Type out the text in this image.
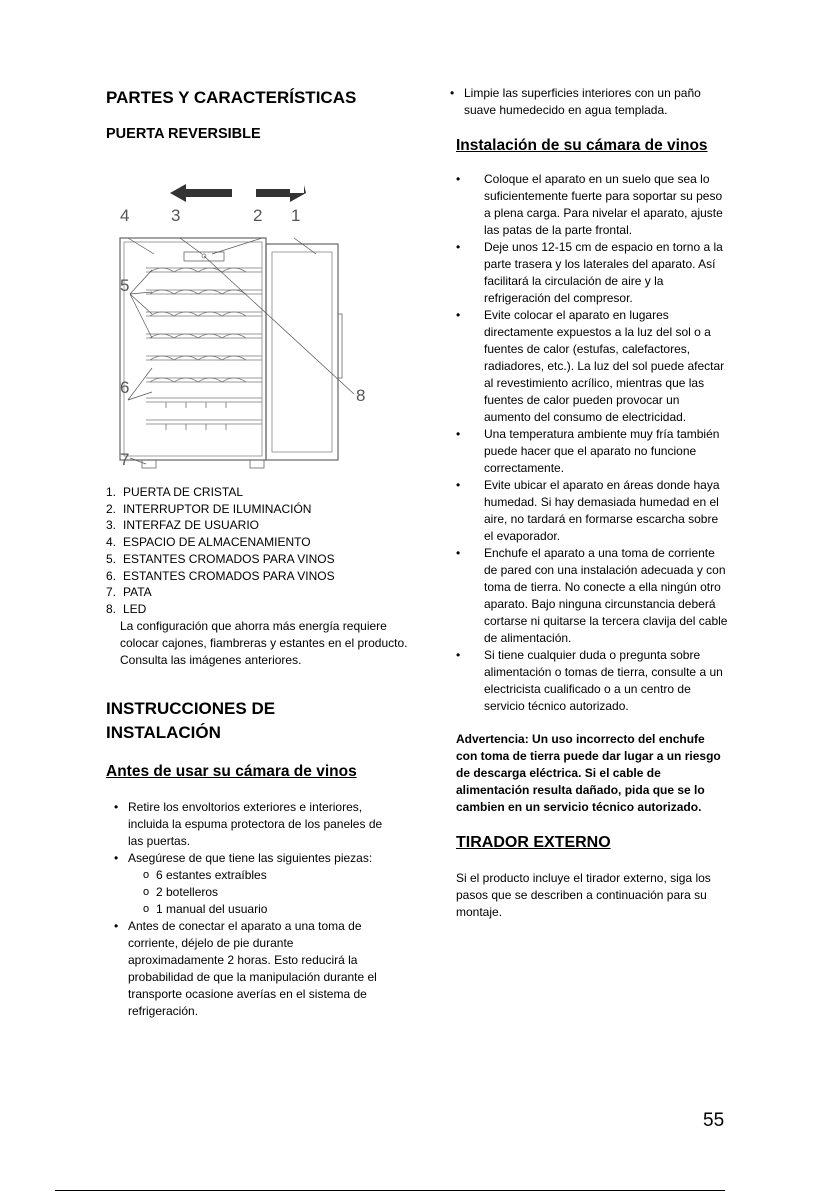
PARTES Y CARACTERÍSTICAS
PUERTA REVERSIBLE
4 3	2 1
5
6
7
8
1. PUERTA DE CRISTAL
2. INTERRUPTOR DE ILUMINACIÓN
3. INTERFAZ DE USUARIO
4. ESPACIO DE ALMACENAMIENTO
5. ESTANTES CROMADOS PARA VINOS
6. ESTANTES CROMADOS PARA VINOS
7. PATA
8. LED
La configuración que ahorra más energía requiere colocar cajones, fiambreras y estantes en el producto. Consulta las imágenes anteriores.
INSTRUCCIONES DE
INSTALACIÓN
Antes de usar su cámara de vinos
• Retire los envoltorios exteriores e interiores, incluida la espuma protectora de los paneles de las puertas.
• Asegúrese de que tiene las siguientes piezas:
o 6 estantes extraíbles
o 2 botelleros
o 1 manual del usuario
• Antes de conectar el aparato a una toma de corriente, déjelo de pie durante aproximadamente 2 horas. Esto reducirá la probabilidad de que la manipulación durante el transporte ocasione averías en el sistema de refrigeración.
• Limpie las superficies interiores con un paño suave humedecido en agua templada.
Instalación de su cámara de vinos
• Coloque el aparato en un suelo que sea lo suficientemente fuerte para soportar su peso a plena carga. Para nivelar el aparato, ajuste las patas de la parte frontal.
• Deje unos 12-15 cm de espacio en torno a la parte trasera y los laterales del aparato. Así facilitará la circulación de aire y la refrigeración del compresor.
• Evite colocar el aparato en lugares directamente expuestos a la luz del sol o a fuentes de calor (estufas, calefactores, radiadores, etc.). La luz del sol puede afectar al revestimiento acrílico, mientras que las fuentes de calor pueden provocar un aumento del consumo de electricidad.
• Una temperatura ambiente muy fría también puede hacer que el aparato no funcione correctamente.
• Evite ubicar el aparato en áreas donde haya humedad. Si hay demasiada humedad en el aire, no tardará en formarse escarcha sobre el evaporador.
• Enchufe el aparato a una toma de corriente de pared con una instalación adecuada y con toma de tierra. No conecte a ella ningún otro aparato. Bajo ninguna circunstancia deberá cortarse ni quitarse la tercera clavija del cable de alimentación.
• Si tiene cualquier duda o pregunta sobre alimentación o tomas de tierra, consulte a un electricista cualificado o a un centro de servicio técnico autorizado.
Advertencia: Un uso incorrecto del enchufe con toma de tierra puede dar lugar a un riesgo de descarga eléctrica. Si el cable de alimentación resulta dañado, pida que se lo cambien en un servicio técnico autorizado.
TIRADOR EXTERNO
Si el producto incluye el tirador externo, siga los pasos que se describen a continuación para su montaje.
55
